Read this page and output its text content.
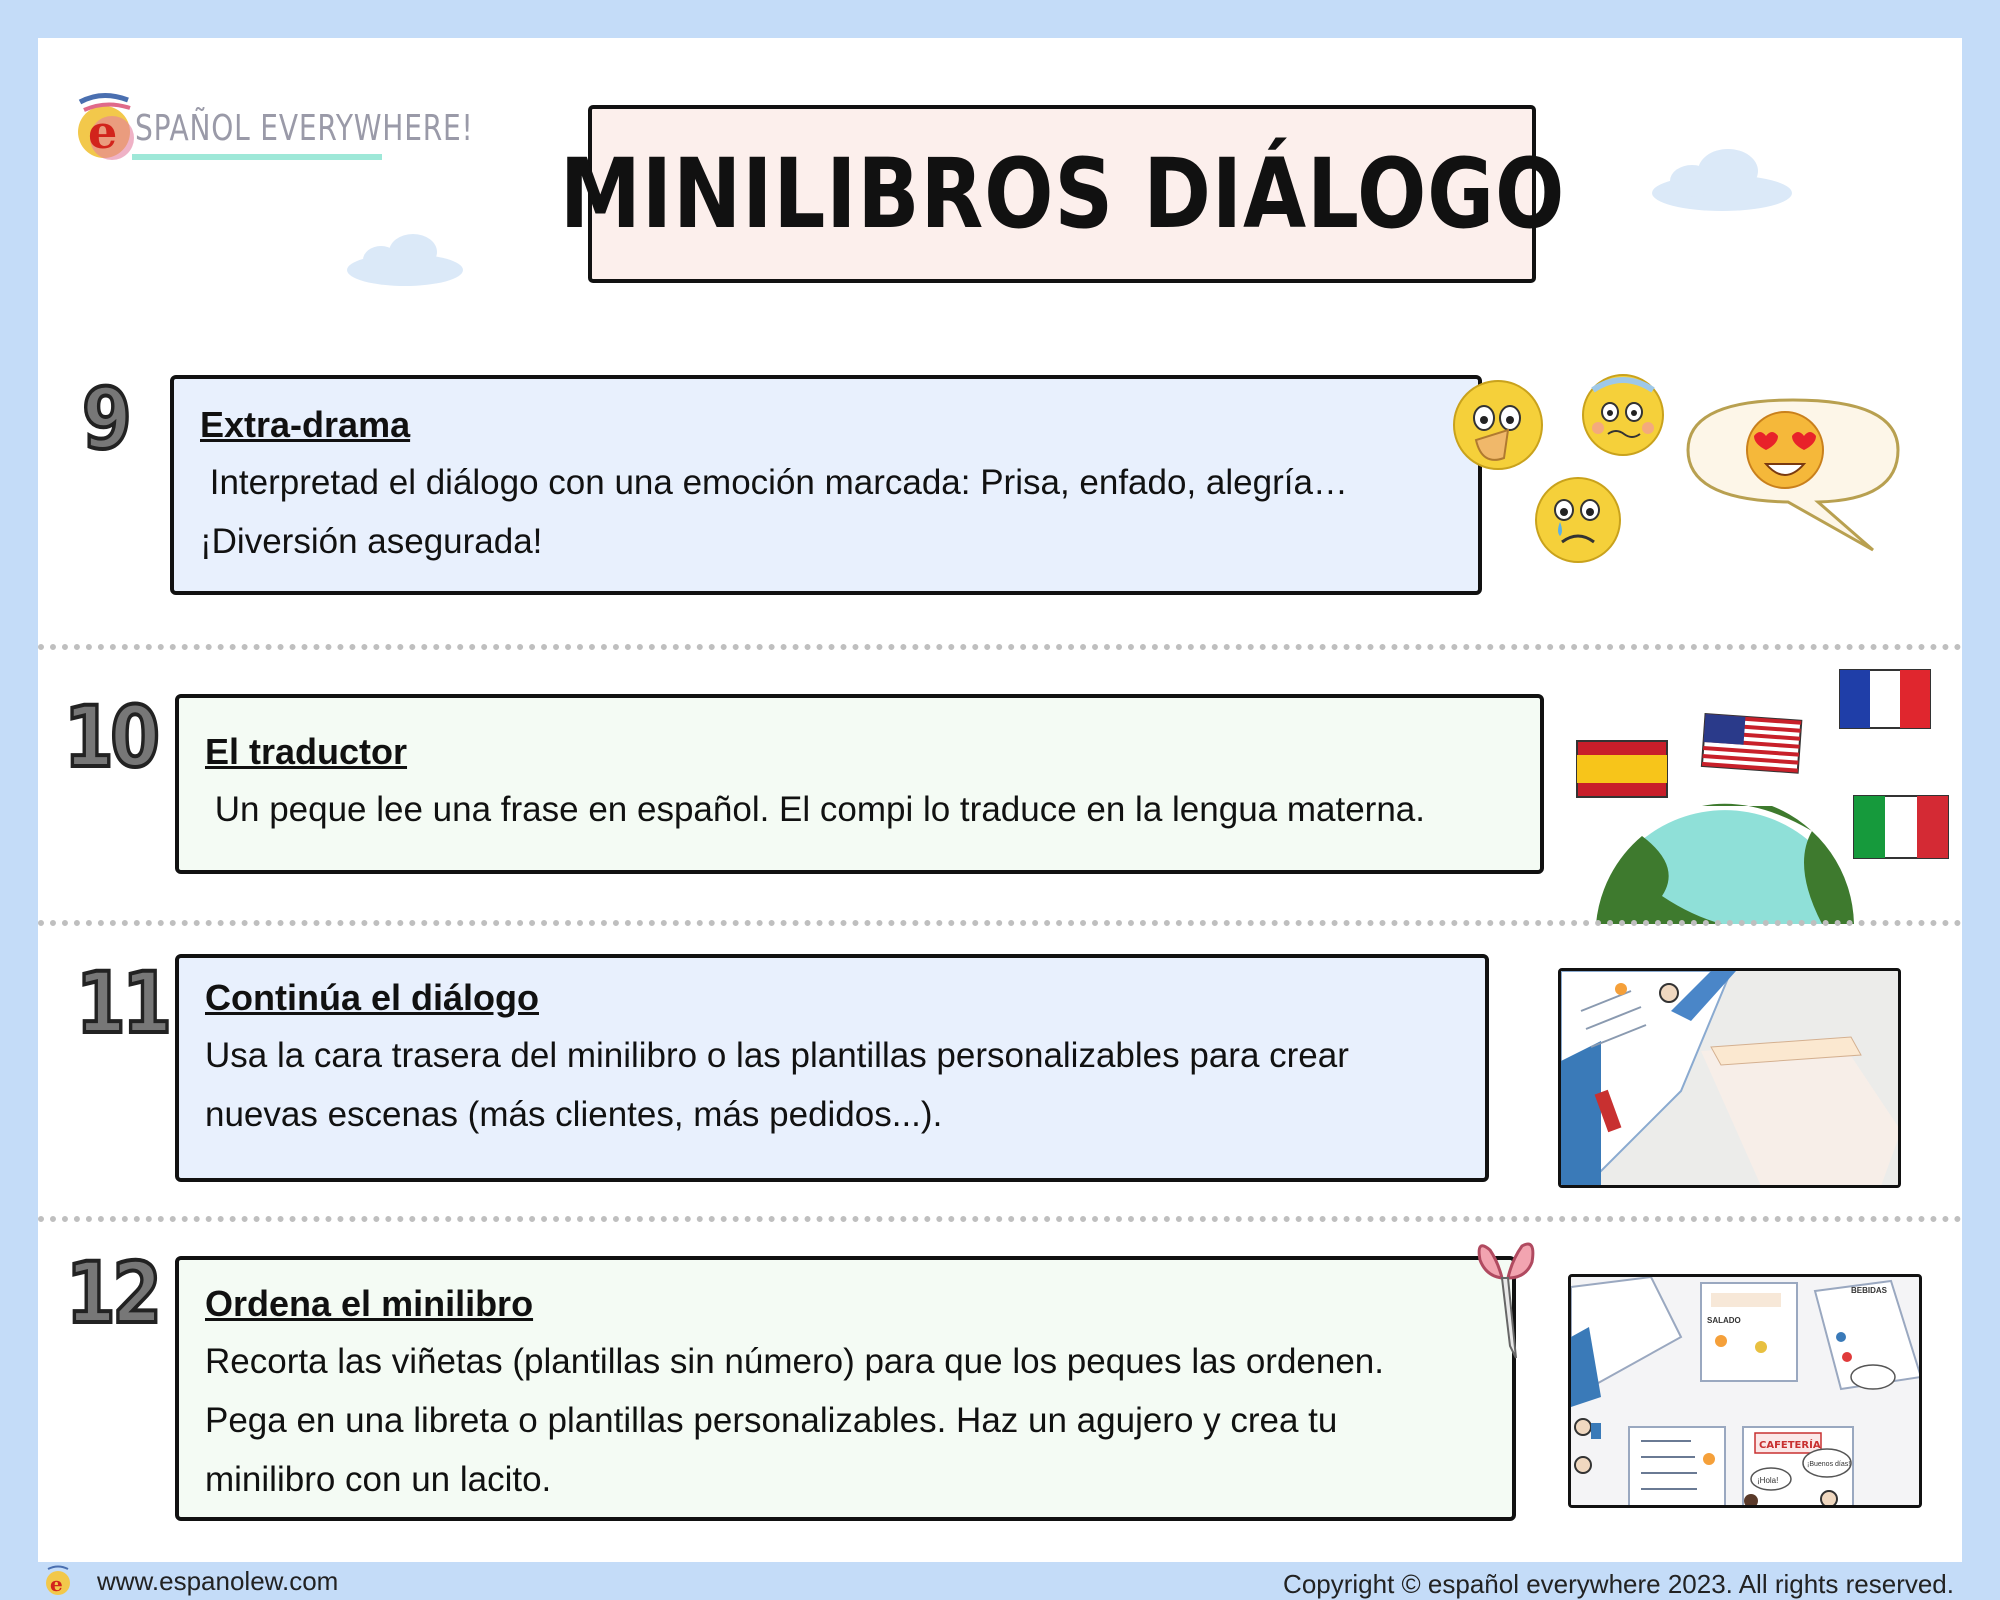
e SPAÑOL EVERYWHERE!
MINILIBROS DIÁLOGO
9 Extra-drama

Interpretad el diálogo con una emoción marcada: Prisa, enfado, alegría…
¡Diversión asegurada!

10 El traductor

Un peque lee una frase en español. El compi lo traduce en la lengua materna.

11 Continúa el diálogo

Usa la cara trasera del minilibro o las plantillas personalizables para crear
nuevas escenas (más clientes, más pedidos...).

12 Ordena el minilibro

Recorta las viñetas (plantillas sin número) para que los peques las ordenen.
Pega en una libreta o plantillas personalizables. Haz un agujero y crea tu
minilibro con un lacito.

SALADO
BEBIDAS
CAFETERÍA
¡Hola!
¡Buenos días!
e www.espanolew.com	Copyright © español everywhere 2023. All rights reserved.
